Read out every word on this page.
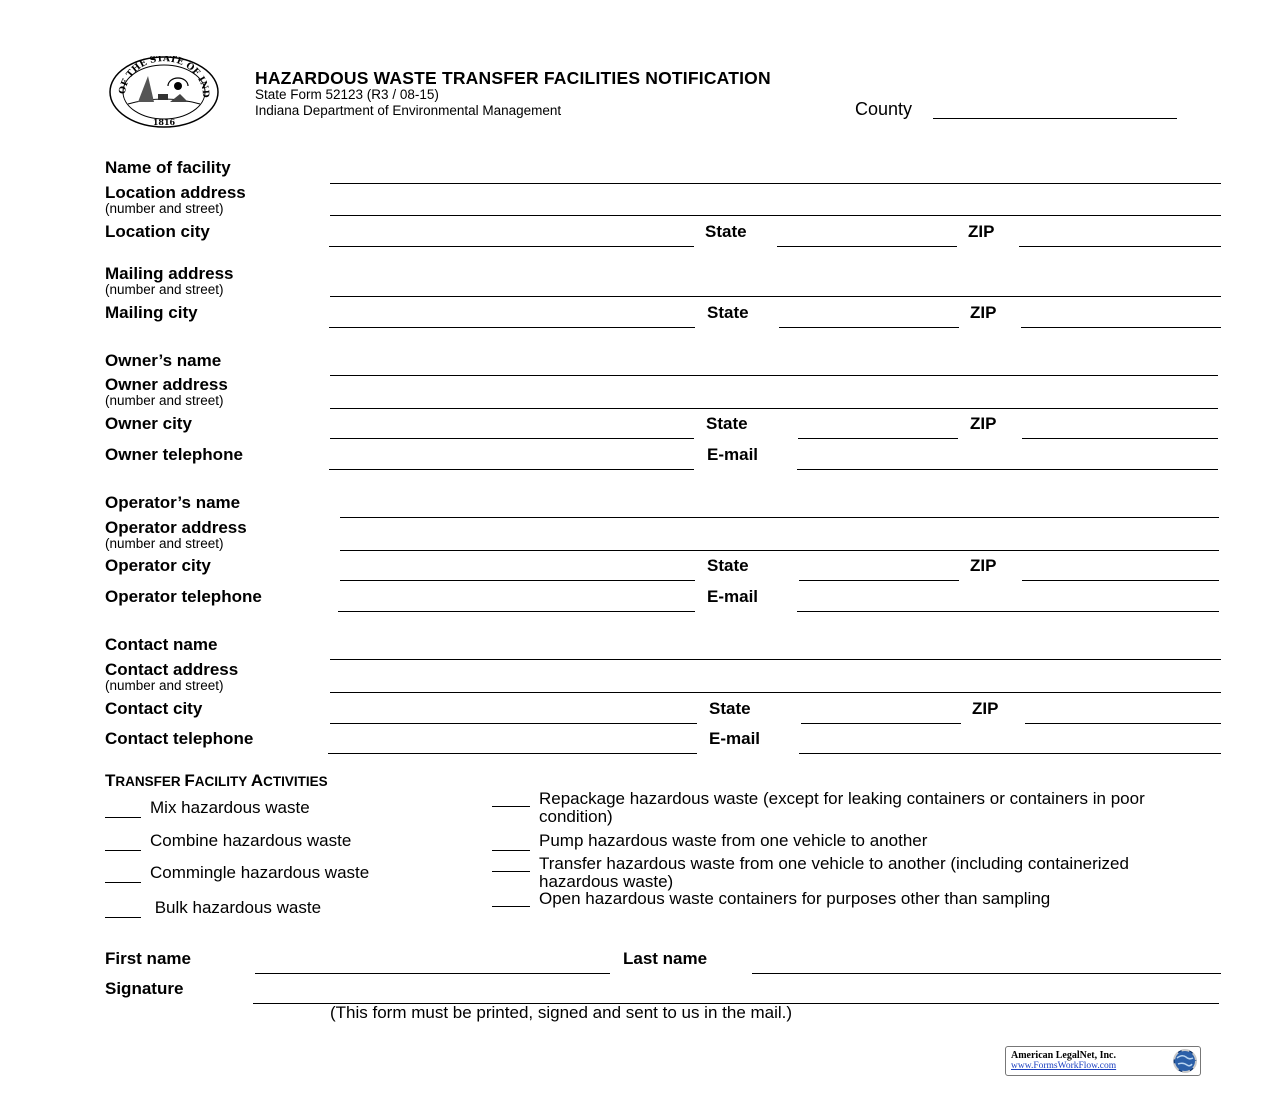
OF THE STATE OF IND
1816
HAZARDOUS WASTE TRANSFER FACILITIES NOTIFICATION
State Form 52123 (R3 / 08-15)
Indiana Department of Environmental Management	County
Name of facility
Location address
(number and street)
Location city	State	ZIP
Mailing address
(number and street)
Mailing city	State	ZIP
Owner’s name
Owner address
(number and street)
Owner city	State	ZIP
Owner telephone	E-mail
Operator’s name
Operator address
(number and street)
Operator city	State	ZIP
Operator telephone	E-mail
Contact name
Contact address
(number and street)
Contact city	State	ZIP
Contact telephone	E-mail
TRANSFER FACILITY ACTIVITIES
Mix hazardous waste
Combine hazardous waste
Commingle hazardous waste
Bulk hazardous waste
Repackage hazardous waste (except for leaking containers or containers in poor condition)
Pump hazardous waste from one vehicle to another
Transfer hazardous waste from one vehicle to another (including containerized hazardous waste)
Open hazardous waste containers for purposes other than sampling
First name	Last name
Signature
(This form must be printed, signed and sent to us in the mail.)
American LegalNet, Inc.
www.FormsWorkFlow.com
